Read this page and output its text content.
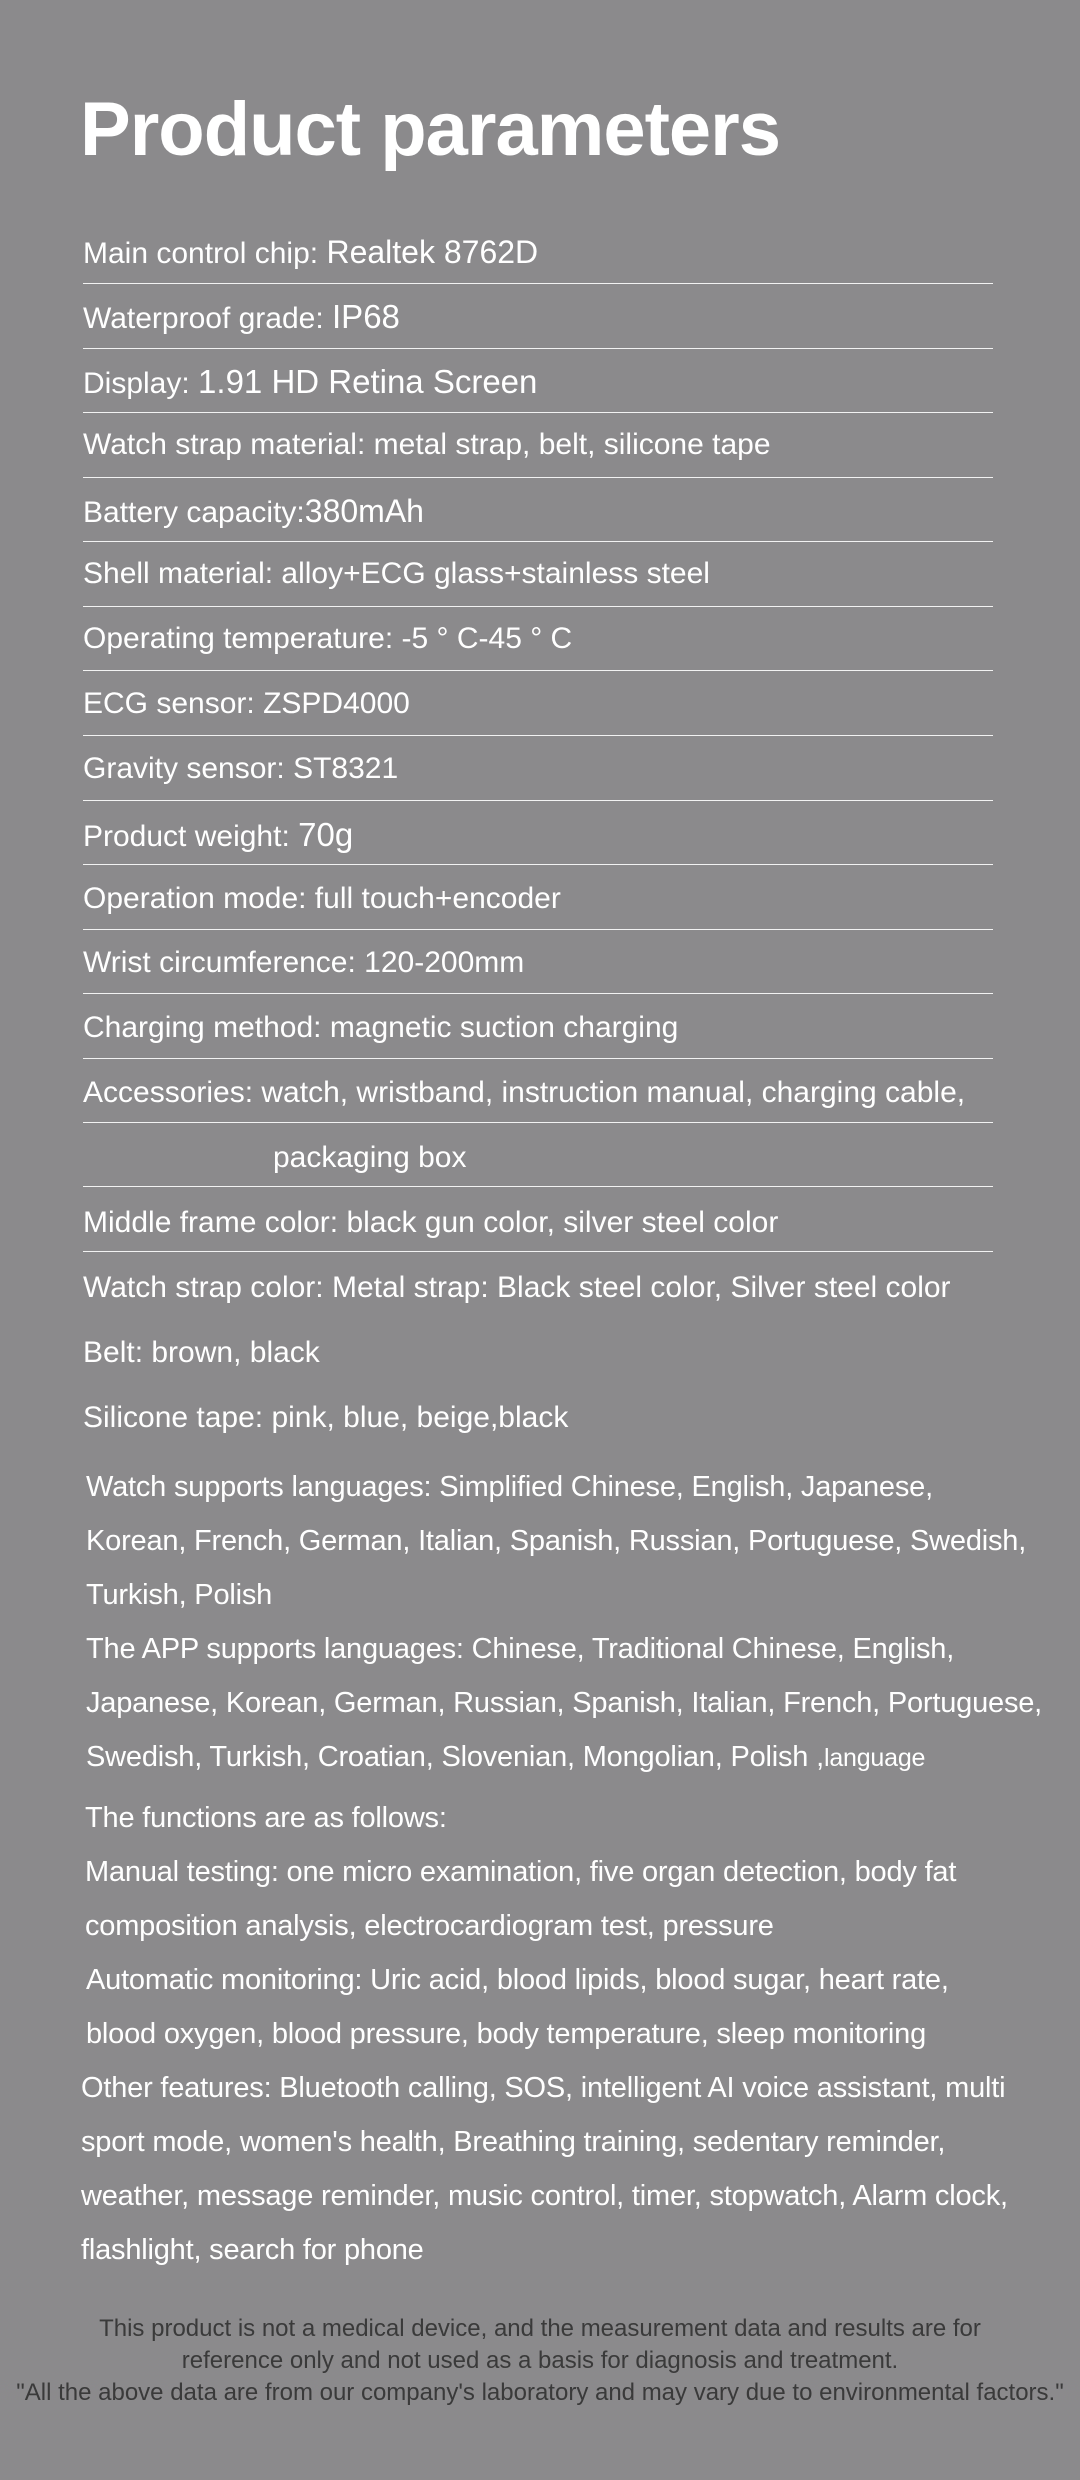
Product parameters
Main control chip: Realtek 8762D
Waterproof grade: IP68
Display: 1.91 HD Retina Screen
Watch strap material: metal strap, belt, silicone tape
Battery capacity:380mAh
Shell material: alloy+ECG glass+stainless steel
Operating temperature: -5 ° C-45 ° C
ECG sensor: ZSPD4000
Gravity sensor: ST8321
Product weight: 70g
Operation mode: full touch+encoder
Wrist circumference: 120-200mm
Charging method: magnetic suction charging
Accessories: watch, wristband, instruction manual, charging cable,
packaging box
Middle frame color: black gun color, silver steel color
Watch strap color: Metal strap: Black steel color, Silver steel color
Belt: brown, black
Silicone tape: pink, blue, beige,black
Watch supports languages: Simplified Chinese, English, Japanese,
Korean, French, German, Italian, Spanish, Russian, Portuguese, Swedish,
Turkish, Polish
The APP supports languages: Chinese, Traditional Chinese, English,
Japanese, Korean, German, Russian, Spanish, Italian, French, Portuguese,
Swedish, Turkish, Croatian, Slovenian, Mongolian, Polish ,language
The functions are as follows:
Manual testing: one micro examination, five organ detection, body fat
composition analysis, electrocardiogram test, pressure
Automatic monitoring: Uric acid, blood lipids, blood sugar, heart rate,
blood oxygen, blood pressure, body temperature, sleep monitoring
Other features: Bluetooth calling, SOS, intelligent AI voice assistant, multi
sport mode, women's health, Breathing training, sedentary reminder,
weather, message reminder, music control, timer, stopwatch, Alarm clock,
flashlight, search for phone
This product is not a medical device, and the measurement data and results are for
reference only and not used as a basis for diagnosis and treatment.
"All the above data are from our company's laboratory and may vary due to environmental factors."
